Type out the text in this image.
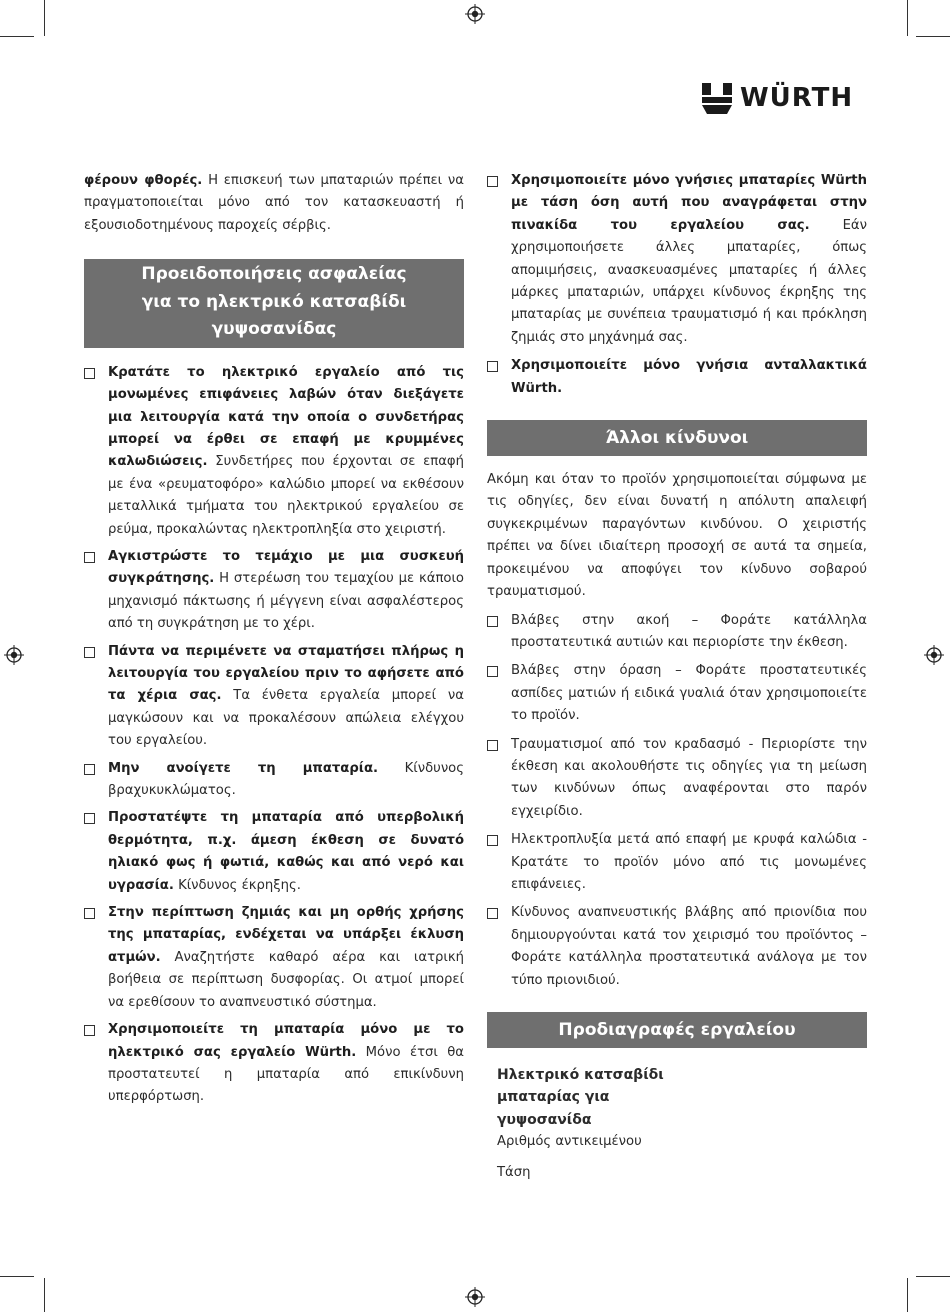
WÜRTH

φέρουν φθορές. Η επισκευή των μπαταριών πρέπει να πραγματοποιείται μόνο από τον κατασκευαστή ή εξουσιοδοτημένους παροχείς σέρβις.

Προειδοποιήσεις ασφαλείας
για το ηλεκτρικό κατσαβίδι
γυψοσανίδας
Κρατάτε το ηλεκτρικό εργαλείο από τις μονωμένες επιφάνειες λαβών όταν διεξάγετε μια λειτουργία κατά την οποία ο συνδετήρας μπορεί να έρθει σε επαφή με κρυμμένες καλωδιώσεις. Συνδετήρες που έρχονται σε επαφή με ένα «ρευματοφόρο» καλώδιο μπορεί να εκθέσουν μεταλλικά τμήματα του ηλεκτρικού εργαλείου σε ρεύμα, προκαλώντας ηλεκτροπληξία στο χειριστή.
Αγκιστρώστε το τεμάχιο με μια συσκευή συγκράτησης. Η στερέωση του τεμαχίου με κάποιο μηχανισμό πάκτωσης ή μέγγενη είναι ασφαλέστερος από τη συγκράτηση με το χέρι.
Πάντα να περιμένετε να σταματήσει πλήρως η λειτουργία του εργαλείου πριν το αφήσετε από τα χέρια σας. Τα ένθετα εργαλεία μπορεί να μαγκώσουν και να προκαλέσουν απώλεια ελέγχου του εργαλείου.
Μην ανοίγετε τη μπαταρία. Κίνδυνος βραχυκυκλώματος.
Προστατέψτε τη μπαταρία από υπερβολική θερμότητα, π.χ. άμεση έκθεση σε δυνατό ηλιακό φως ή φωτιά, καθώς και από νερό και υγρασία. Κίνδυνος έκρηξης.
Στην περίπτωση ζημιάς και μη ορθής χρήσης της μπαταρίας, ενδέχεται να υπάρξει έκλυση ατμών. Αναζητήστε καθαρό αέρα και ιατρική βοήθεια σε περίπτωση δυσφορίας. Οι ατμοί μπορεί να ερεθίσουν το αναπνευστικό σύστημα.
Χρησιμοποιείτε τη μπαταρία μόνο με το ηλεκτρικό σας εργαλείο Würth. Μόνο έτσι θα προστατευτεί η μπαταρία από επικίνδυνη υπερφόρτωση.
Χρησιμοποιείτε μόνο γνήσιες μπαταρίες Würth με τάση όση αυτή που αναγράφεται στην πινακίδα του εργαλείου σας. Εάν χρησιμοποιήσετε άλλες μπαταρίες, όπως απομιμήσεις, ανασκευασμένες μπαταρίες ή άλλες μάρκες μπαταριών, υπάρχει κίνδυνος έκρηξης της μπαταρίας με συνέπεια τραυματισμό ή και πρόκληση ζημιάς στο μηχάνημά σας.
Χρησιμοποιείτε μόνο γνήσια ανταλλακτικά Würth.
Άλλοι κίνδυνοι

Ακόμη και όταν το προϊόν χρησιμοποιείται σύμφωνα με τις οδηγίες, δεν είναι δυνατή η απόλυτη απαλειφή συγκεκριμένων παραγόντων κινδύνου. Ο χειριστής πρέπει να δίνει ιδιαίτερη προσοχή σε αυτά τα σημεία, προκειμένου να αποφύγει τον κίνδυνο σοβαρού τραυματισμού.

Βλάβες στην ακοή – Φοράτε κατάλληλα προστατευτικά αυτιών και περιορίστε την έκθεση.
Βλάβες στην όραση – Φοράτε προστατευτικές ασπίδες ματιών ή ειδικά γυαλιά όταν χρησιμοποιείτε το προϊόν.
Τραυματισμοί από τον κραδασμό - Περιορίστε την έκθεση και ακολουθήστε τις οδηγίες για τη μείωση των κινδύνων όπως αναφέρονται στο παρόν εγχειρίδιο.
Ηλεκτροπλυξία μετά από επαφή με κρυφά καλώδια - Κρατάτε το προϊόν μόνο από τις μονωμένες επιφάνειες.
Κίνδυνος αναπνευστικής βλάβης από πριονίδια που δημιουργούνται κατά τον χειρισμό του προϊόντος – Φοράτε κατάλληλα προστατευτικά ανάλογα με τον τύπο πριονιδιού.
Προδιαγραφές εργαλείου
Ηλεκτρικό κατσαβίδι
μπαταρίας για
γυψοσανίδα
Αριθμός αντικειμένου
Τάση
